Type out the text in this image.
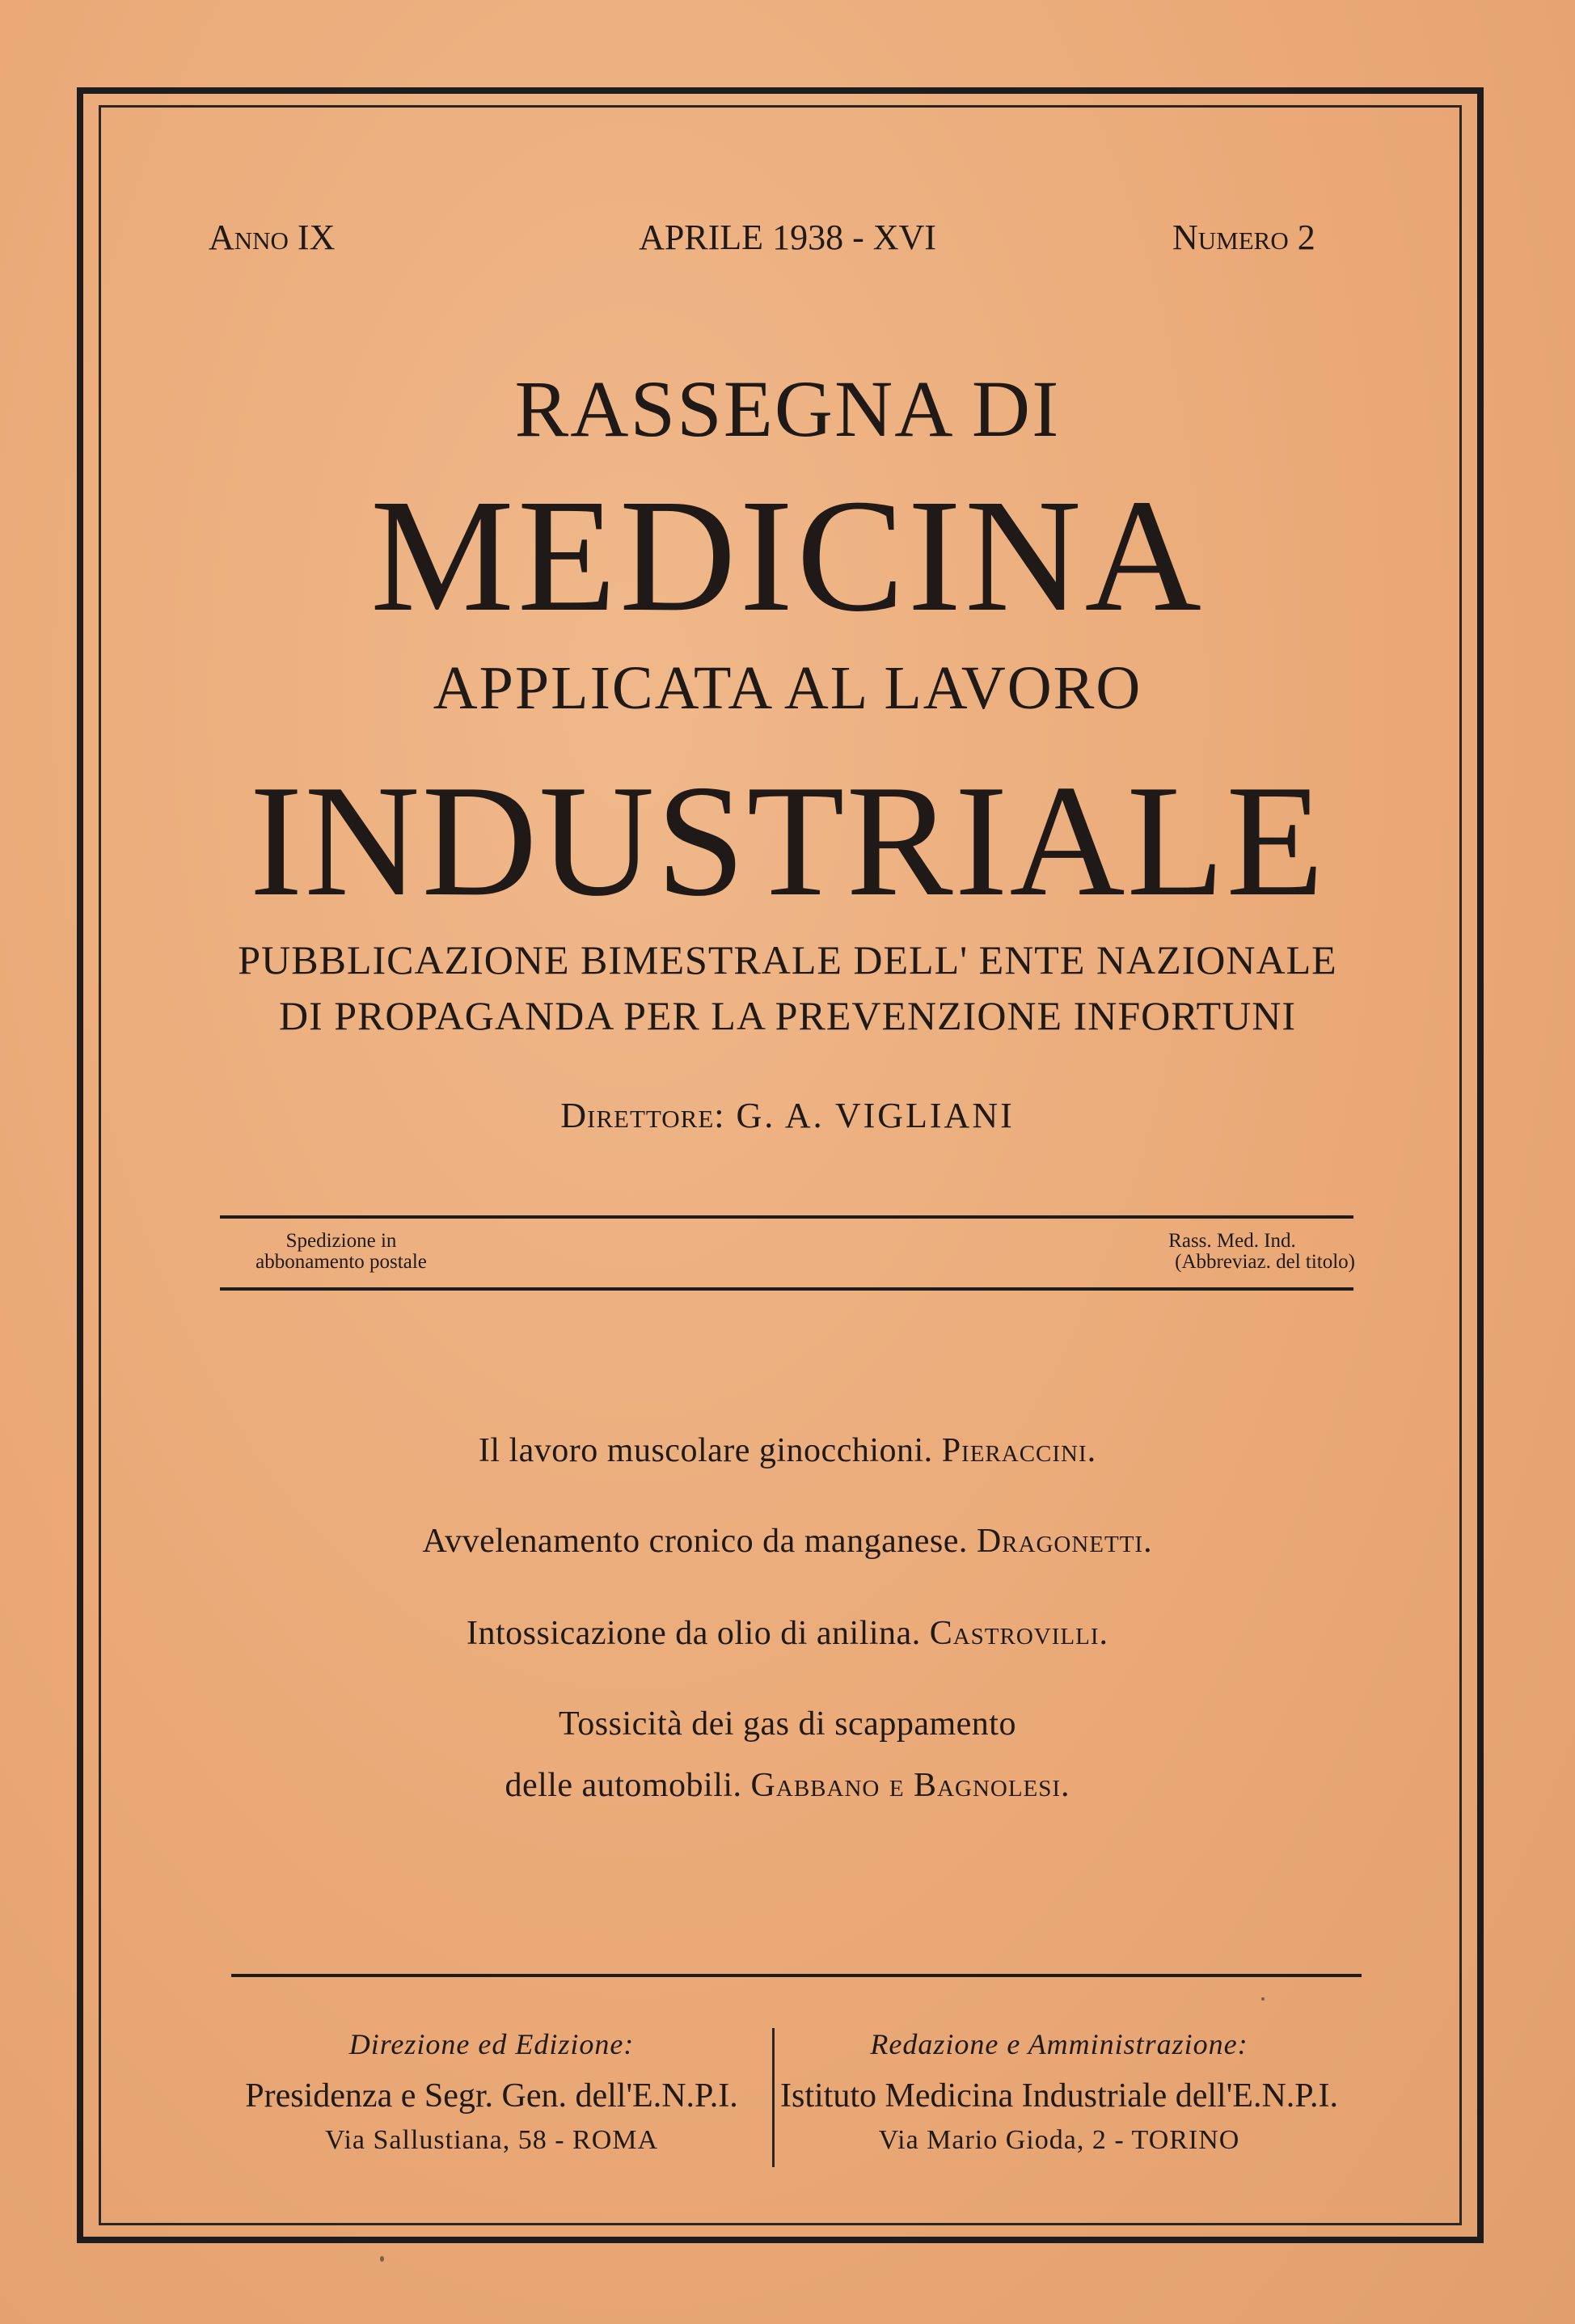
Anno IX	APRILE 1938 - XVI	Numero 2
RASSEGNA DI
MEDICINA
APPLICATA AL LAVORO
INDUSTRIALE
PUBBLICAZIONE BIMESTRALE DELL' ENTE NAZIONALE
DI PROPAGANDA PER LA PREVENZIONE INFORTUNI
Direttore: G. A. VIGLIANI
Spedizione in
abbonamento postale
Rass. Med. Ind.
(Abbreviaz. del titolo)
Il lavoro muscolare ginocchioni. Pieraccini.
Avvelenamento cronico da manganese. Dragonetti.
Intossicazione da olio di anilina. Castrovilli.
Tossicità dei gas di scappamento
delle automobili. Gabbano e Bagnolesi.
Direzione ed Edizione:
Presidenza e Segr. Gen. dell'E.N.P.I.
Via Sallustiana, 58 - ROMA
Redazione e Amministrazione:
Istituto Medicina Industriale dell'E.N.P.I.
Via Mario Gioda, 2 - TORINO
